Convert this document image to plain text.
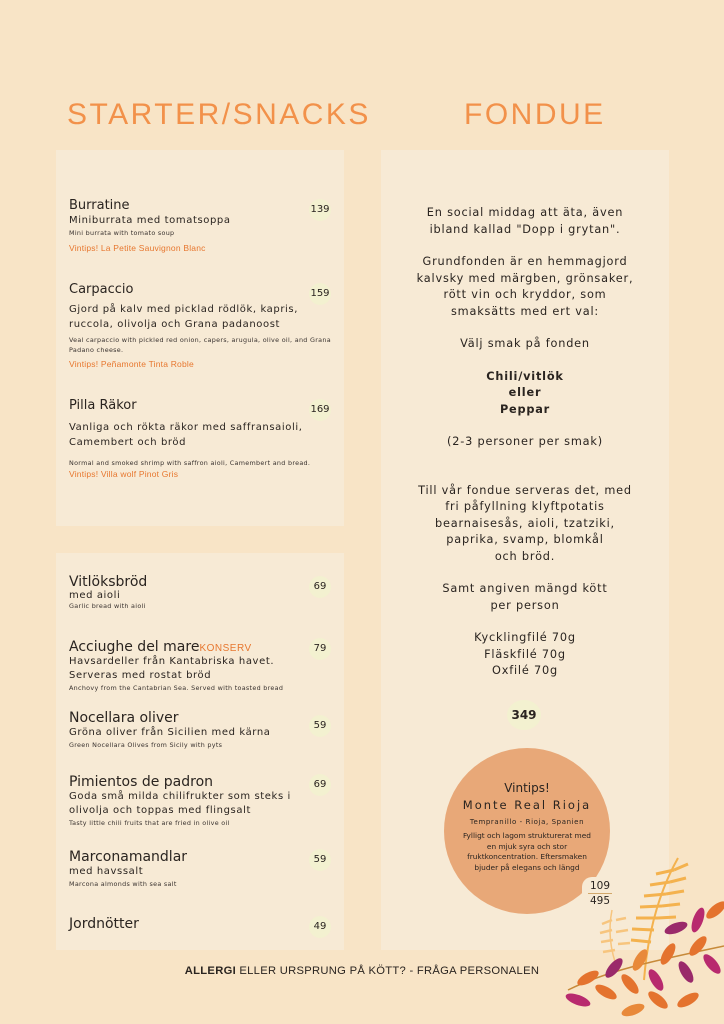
STARTER/SNACKS	FONDUE
Burratine
Miniburrata med tomatsoppa
Mini burrata with tomato soup
Vintips! La Petite Sauvignon Blanc
139
Carpaccio
Gjord på kalv med picklad rödlök, kapris, ruccola, olivolja och Grana padanoost
Veal carpaccio with pickled red onion, capers, arugula, olive oil, and Grana Padano cheese.
Vintips! Peñamonte Tinta Roble
159
Pilla Räkor
Vanliga och rökta räkor med saffransaioli, Camembert och bröd
Normal and smoked shrimp with saffron aioli, Camembert and bread.
Vintips! Villa wolf Pinot Gris
169
Vitlöksbröd
med aioli
Garlic bread with aioli
69
Acciughe del mareKONSERV
Havsardeller från Kantabriska havet. Serveras med rostat bröd
Anchovy from the Cantabrian Sea. Served with toasted bread
79
Nocellara oliver
Gröna oliver från Sicilien med kärna
Green Nocellara Olives from Sicily with pyts
59
Pimientos de padron
Goda små milda chilifrukter som steks i olivolja och toppas med flingsalt
Tasty little chili fruits that are fried in olive oil
69
Marconamandlar
med havssalt
Marcona almonds with sea salt
59
Jordnötter	49

En social middag att äta, även

ibland kallad "Dopp i grytan".

Grundfonden är en hemmagjord

kalvsky med märgben, grönsaker,

rött vin och kryddor, som

smaksätts med ert val:

Välj smak på fonden

Chili/vitlök

eller

Peppar

(2-3 personer per smak)

Till vår fondue serveras det, med

fri påfyllning klyftpotatis

bearnaisesås, aioli, tzatziki,

paprika, svamp, blomkål

och bröd.

Samt angiven mängd kött

per person

Kycklingfilé 70g

Fläskfilé 70g

Oxfilé 70g

349
Vintips!
Monte Real Rioja
Tempranillo - Rioja, Spanien
Fylligt och lagom strukturerat med en mjuk syra och stor fruktkoncentration. Eftersmaken bjuder på elegans och längd
109
495
ALLERGI ELLER URSPRUNG PÅ KÖTT? - FRÅGA PERSONALEN
